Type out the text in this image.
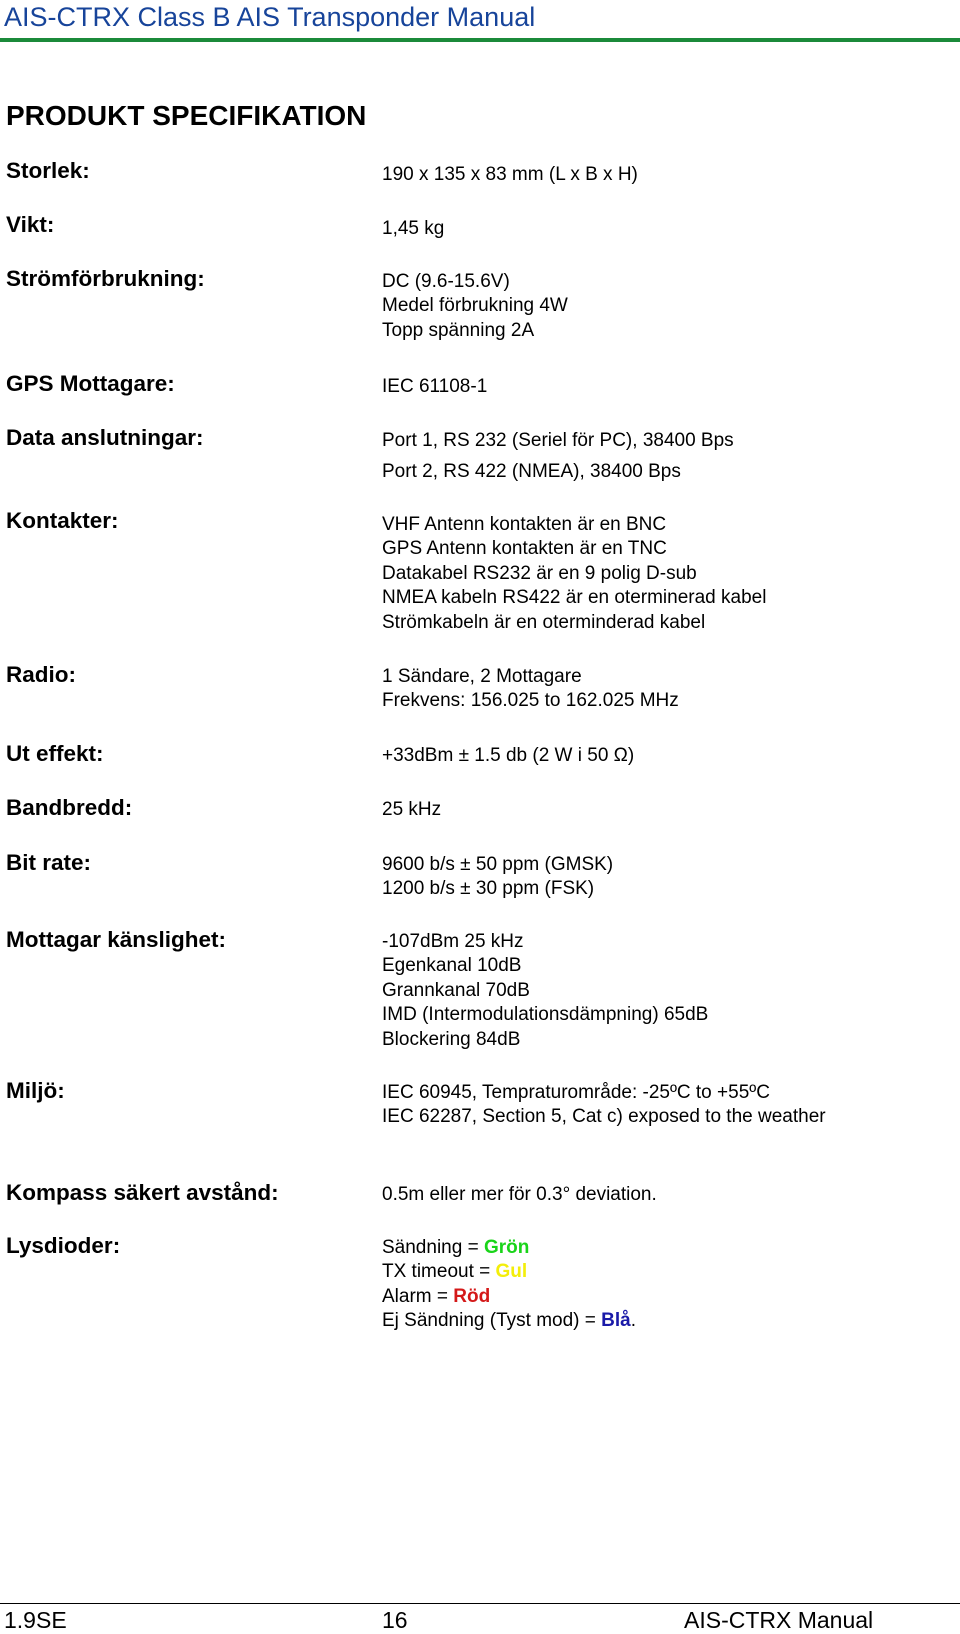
AIS-CTRX Class B AIS Transponder Manual
PRODUKT SPECIFIKATION
Storlek:	190 x 135 x 83 mm (L x B x H)
Vikt:	1,45 kg
Strömförbrukning:	DC (9.6-15.6V)
Medel förbrukning 4W
Topp spänning 2A
GPS Mottagare:	IEC 61108-1
Data anslutningar:	Port 1, RS 232 (Seriel för PC), 38400 Bps
Port 2, RS 422 (NMEA), 38400 Bps
Kontakter:	VHF Antenn kontakten är en BNC
GPS Antenn kontakten är en TNC
Datakabel RS232 är en 9 polig D-sub
NMEA kabeln RS422 är en oterminerad kabel
Strömkabeln är en oterminderad kabel
Radio:	1 Sändare, 2 Mottagare
Frekvens: 156.025 to 162.025 MHz
Ut effekt:	+33dBm ± 1.5 db (2 W i 50 Ω)
Bandbredd:	25 kHz
Bit rate:	9600 b/s ± 50 ppm (GMSK)
1200 b/s ± 30 ppm (FSK)
Mottagar känslighet:	-107dBm 25 kHz
Egenkanal 10dB
Grannkanal 70dB
IMD (Intermodulationsdämpning) 65dB
Blockering 84dB
Miljö:	IEC 60945, Tempraturområde: -25ºC to +55ºC
IEC 62287, Section 5, Cat c) exposed to the weather
Kompass säkert avstånd:	0.5m eller mer för 0.3° deviation.
Lysdioder:	Sändning = Grön
TX timeout = Gul
Alarm = Röd
Ej Sändning (Tyst mod) = Blå.
1.9SE	16	AIS-CTRX Manual
